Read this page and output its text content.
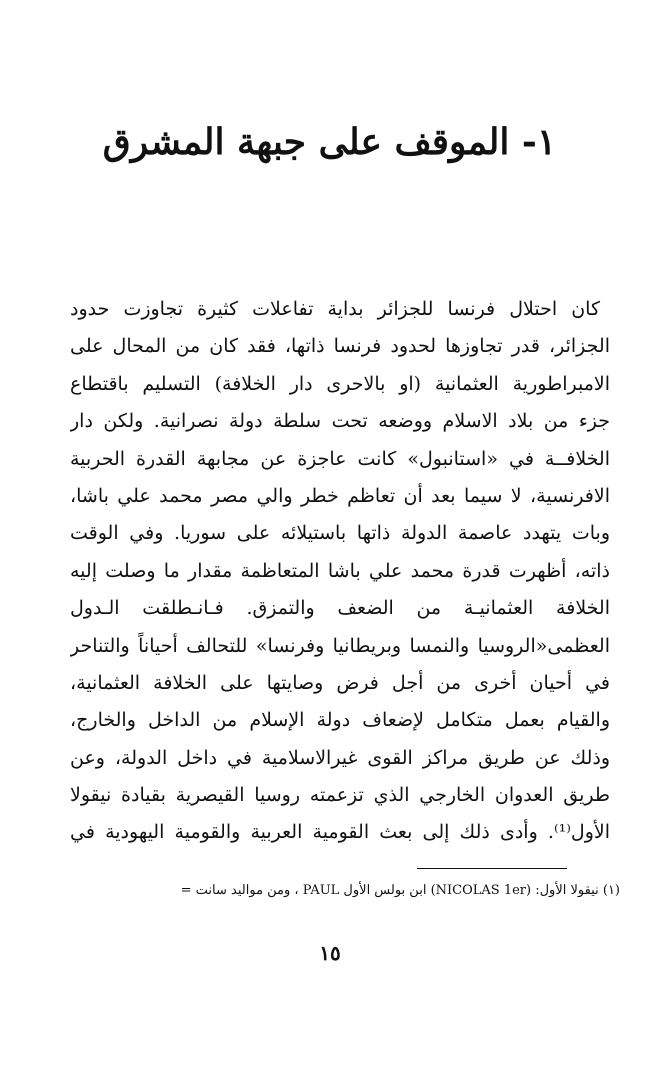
١- الموقف على جبهة المشرق
كان احتلال فرنسا للجزائر بداية تفاعلات كثيرة تجاوزت حدود
الجزائر، قدر تجاوزها لحدود فرنسا ذاتها، فقد كان من المحال على
الامبراطورية العثمانية (او بالاحرى دار الخلافة) التسليم باقتطاع
جزء من بلاد الاسلام ووضعه تحت سلطة دولة نصرانية. ولكن دار
الخلافــة في «استانبول» كانت عاجزة عن مجابهة القدرة الحربية
الافرنسية، لا سيما بعد أن تعاظم خطر والي مصر محمد علي باشا،
وبات يتهدد عاصمة الدولة ذاتها باستيلائه على سوريا. وفي الوقت
ذاته، أظهرت قدرة محمد علي باشا المتعاظمة مقدار ما وصلت إليه
الخلافة العثمانيـة من الضعف والتمزق. فـانـطلقت الـدول
العظمى«الروسيا والنمسا وبريطانيا وفرنسا» للتحالف أحياناً والتناحر
في أحيان أخرى من أجل فرض وصايتها على الخلافة العثمانية،
والقيام بعمل متكامل لإضعاف دولة الإسلام من الداخل والخارج،
وذلك عن طريق مراكز القوى غيرالاسلامية في داخل الدولة، وعن
طريق العدوان الخارجي الذي تزعمته روسيا القيصرية بقيادة نيقولا
الأول⁽¹⁾. وأدى ذلك إلى بعث القومية العربية والقومية اليهودية في
(١) نيقولا الأول: (NICOLAS 1er) ابن بولس الأول PAUL ، ومن مواليد سانت =
١٥
